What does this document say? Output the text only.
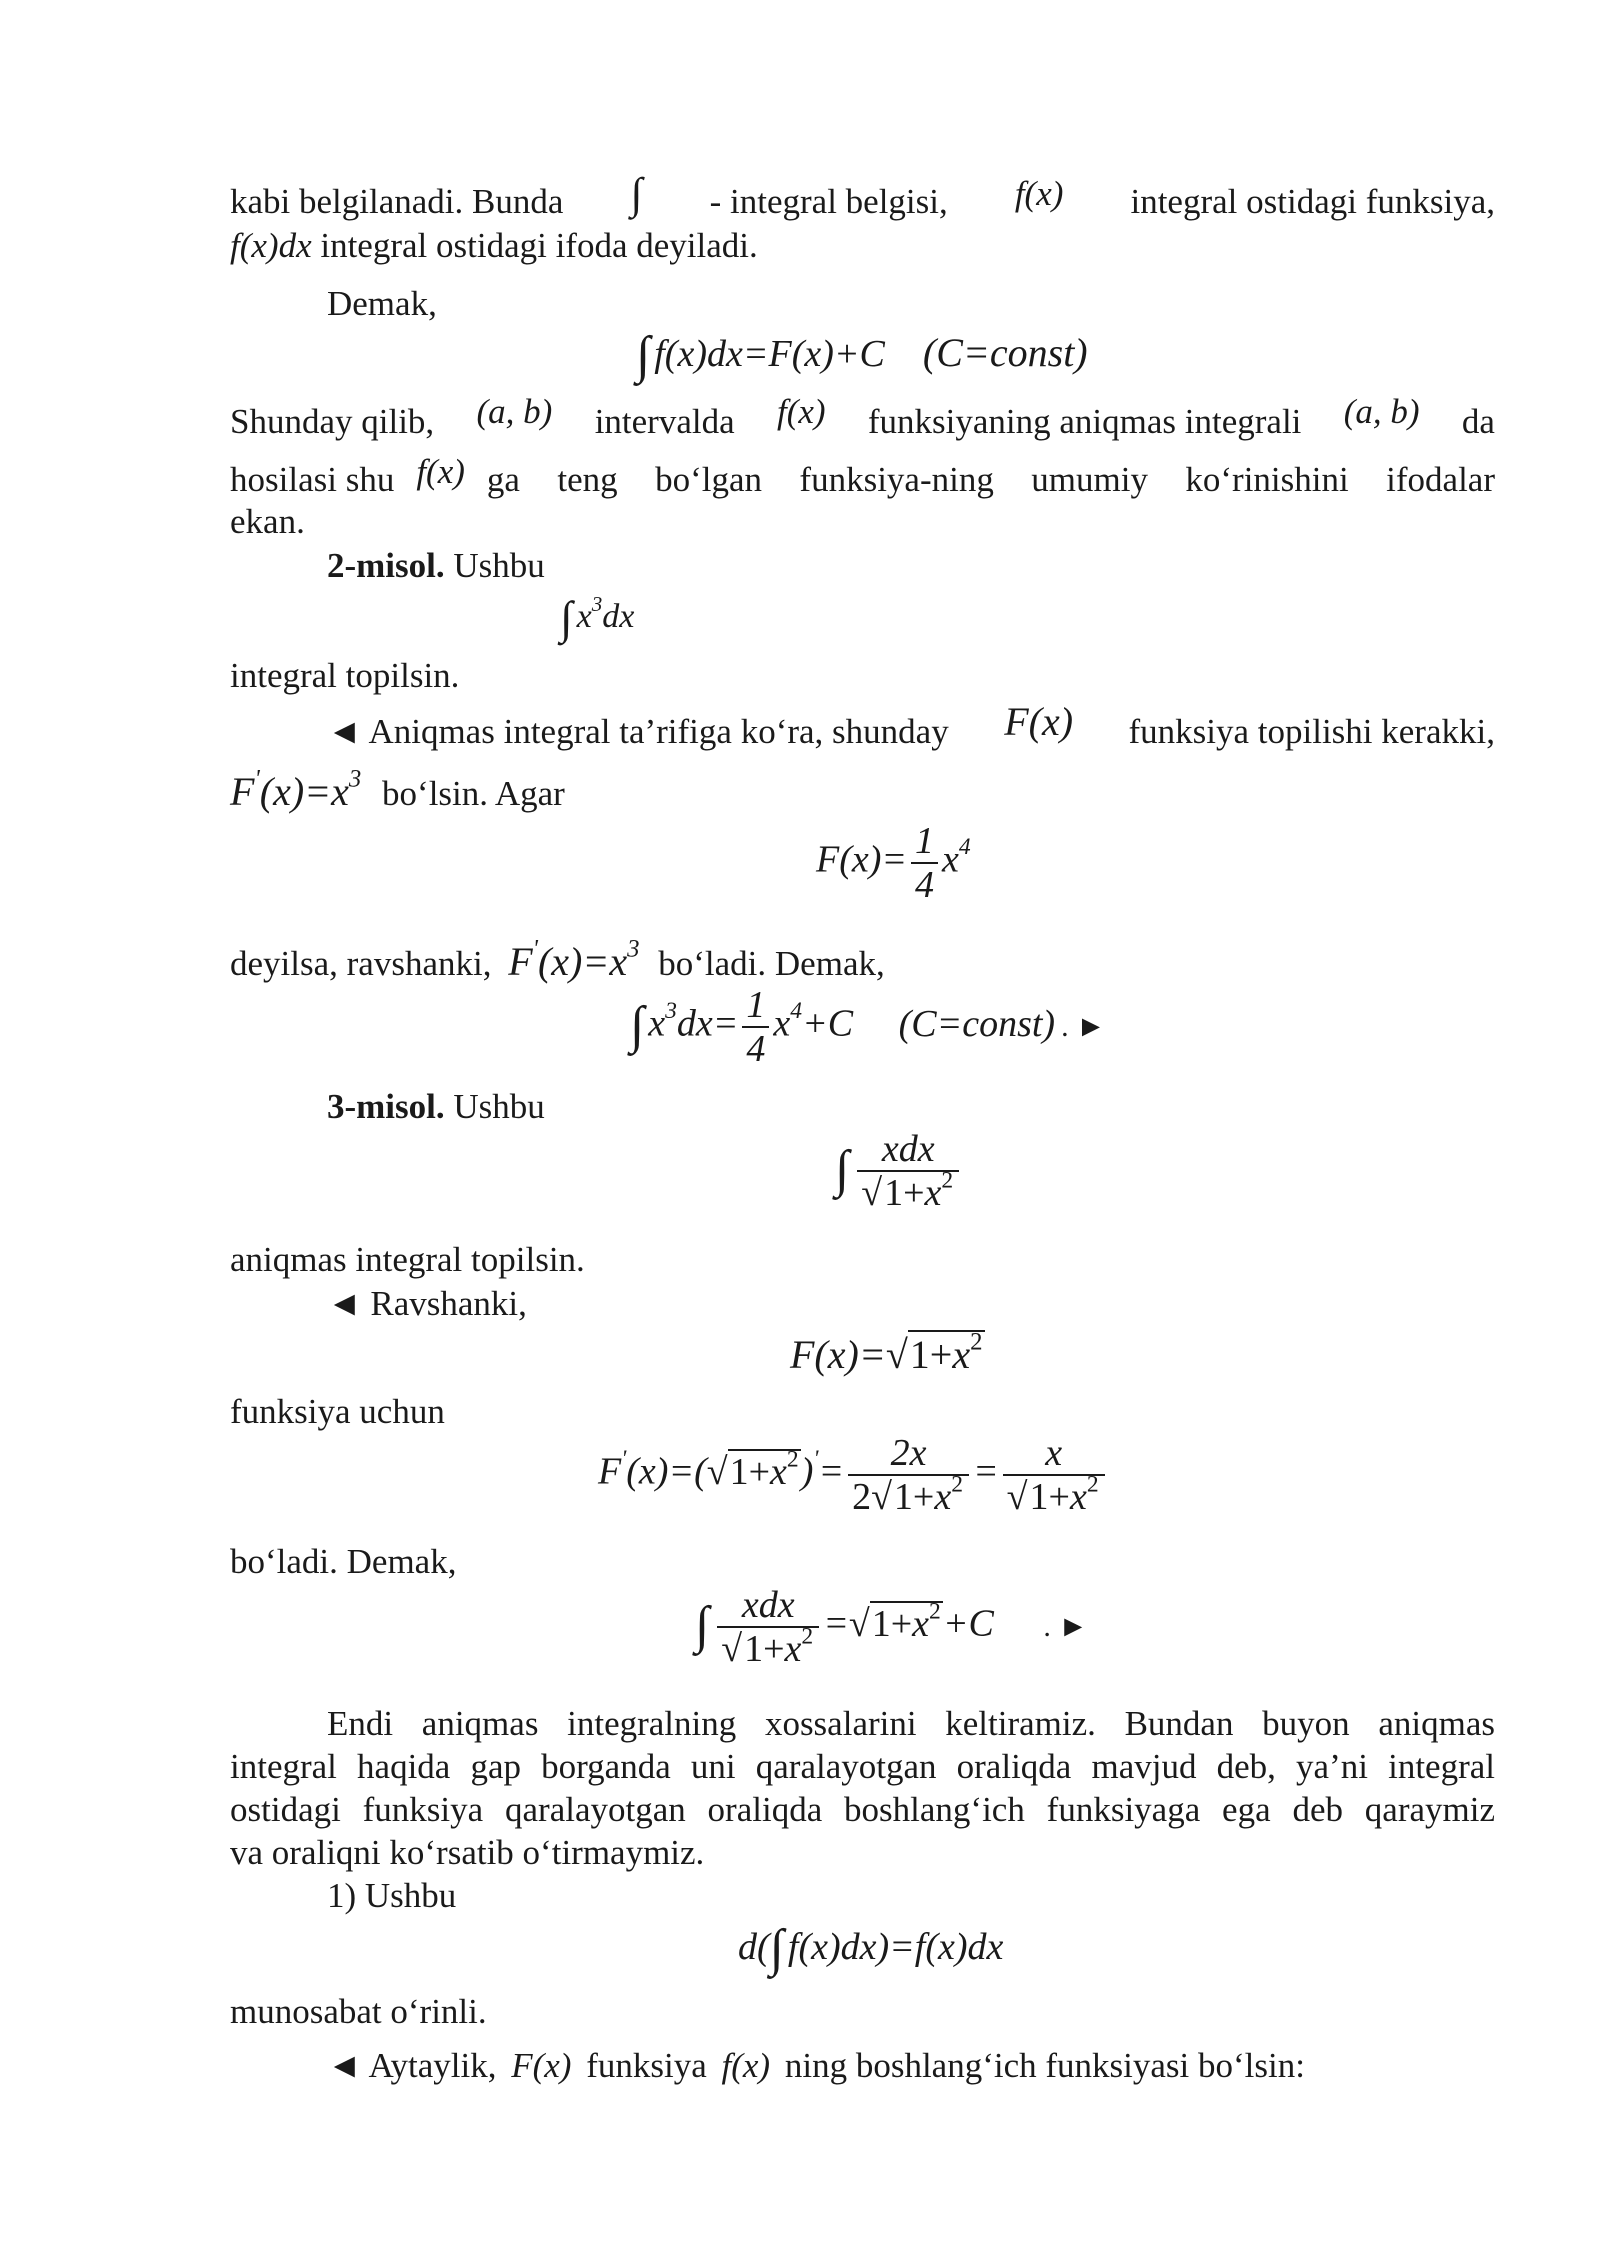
kabi belgilanadi. Bunda ∫ - integral belgisi, f(x) integral ostidagi funksiya,
f(x)dx integral ostidagi ifoda deyiladi.
Demak,
∫ f(x)dx=F(x)+C    (C=const)
Shunday qilib, (a, b) intervalda f(x) funksiyaning aniqmas integrali (a, b) da
hosilasi shu f(x) ga teng bo‘lgan funksiya-ning umumiy ko‘rinishini ifodalar
ekan.
2-misol. Ushbu
∫ $x^3dx$
integral topilsin.
◄ Aniqmas integral ta’rifiga ko‘ra, shunday F(x) funksiya topilishi kerakki,
$F'(x)=x^3$ bo‘lsin. Agar
$F(x)= \frac{1}{4} x^4$
deyilsa, ravshanki, $F'(x)=x^3$ bo‘ladi. Demak,
∫ $x^3dx= \frac{1}{4} x^4+C$ (C=const) . ►
3-misol. Ushbu
∫ $\frac{\text{xdx}}{√1+x^2}$
aniqmas integral topilsin.
◄ Ravshanki,
$F(x)=√1+x^2$
funksiya uchun
$F'(x)=(√1+x^2)'= \frac{2x}{2√1+x^2} = \frac{x}{√1+x^2}$
bo‘ladi. Demak,
∫ $\frac{\text{xdx}}{√1+x^2} =√1+x^2+C$ . ►
Endi aniqmas integralning xossalarini keltiramiz. Bundan buyon aniqmas
integral haqida gap borganda uni qaralayotgan oraliqda mavjud deb, ya’ni integral
ostidagi funksiya qaralayotgan oraliqda boshlang‘ich funksiyaga ega deb qaraymiz
va oraliqni ko‘rsatib o‘tirmaymiz.
1) Ushbu
d(∫ f(x)dx)=f(x)dx
munosabat o‘rinli.
◄ Aytaylik, F(x) funksiya f(x) ning boshlang‘ich funksiyasi bo‘lsin:
